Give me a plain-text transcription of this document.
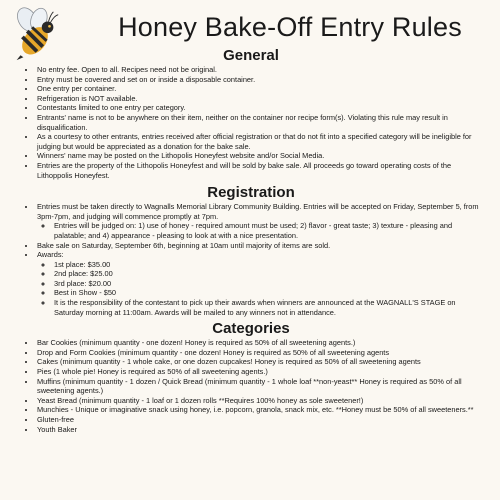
Honey Bake-Off Entry Rules
General
• No entry fee. Open to all. Recipes need not be original.
• Entry must be covered and set on or inside a disposable container.
• One entry per container.
• Refrigeration is NOT available.
• Contestants limited to one entry per category.
• Entrants' name is not to be anywhere on their item, neither on the container nor recipe form(s). Violating this rule may result in disqualification.
• As a courtesy to other entrants, entries received after official registration or that do not fit into a specified category will be ineligible for judging but would be appreciated as a donation for the bake sale.
• Winners' name may be posted on the Lithopolis Honeyfest website and/or Social Media.
• Entries are the property of the Lithopolis Honeyfest and will be sold by bake sale. All proceeds go toward operating costs of the Lithoppolis Honeyfest.
Registration
• Entries must be taken directly to Wagnalls Memorial Library Community Building. Entries will be accepted on Friday, September 5, from 3pm-7pm, and judging will commence promptly at 7pm.
◦ Entries will be judged on: 1) use of honey - required amount must be used; 2) flavor - great taste; 3) texture - pleasing and palatable; and 4) appearance - pleasing to look at with a nice presentation.
• Bake sale on Saturday, September 6th, beginning at 10am until majority of items are sold.
• Awards:
◦ 1st place: $35.00
◦ 2nd place: $25.00
◦ 3rd place: $20.00
◦ Best in Show - $50
◦ It is the responsibility of the contestant to pick up their awards when winners are announced at the WAGNALL'S STAGE on Saturday morning at 11:00am. Awards will be mailed to any winners not in attendance.
Categories
• Bar Cookies (minimum quantity - one dozen! Honey is required as 50% of all sweetening agents.)
• Drop and Form Cookies (minimum quantity - one dozen! Honey is required as 50% of all sweetening agents
• Cakes (minimum quantity - 1 whole cake, or one dozen cupcakes! Honey is required as 50% of all sweetening agents
• Pies (1 whole pie! Honey is required as 50% of all sweetening agents.)
• Muffins (minimum quantity - 1 dozen / Quick Bread (minimum quantity - 1 whole loaf **non-yeast** Honey is required as 50% of all sweetening agents.)
• Yeast Bread (minimum quantity - 1 loaf or 1 dozen rolls **Requires 100% honey as sole sweetener!)
• Munchies - Unique or imaginative snack using honey, i.e. popcorn, granola, snack mix, etc. **Honey must be 50% of all sweeteners.**
• Gluten-free
• Youth Baker
